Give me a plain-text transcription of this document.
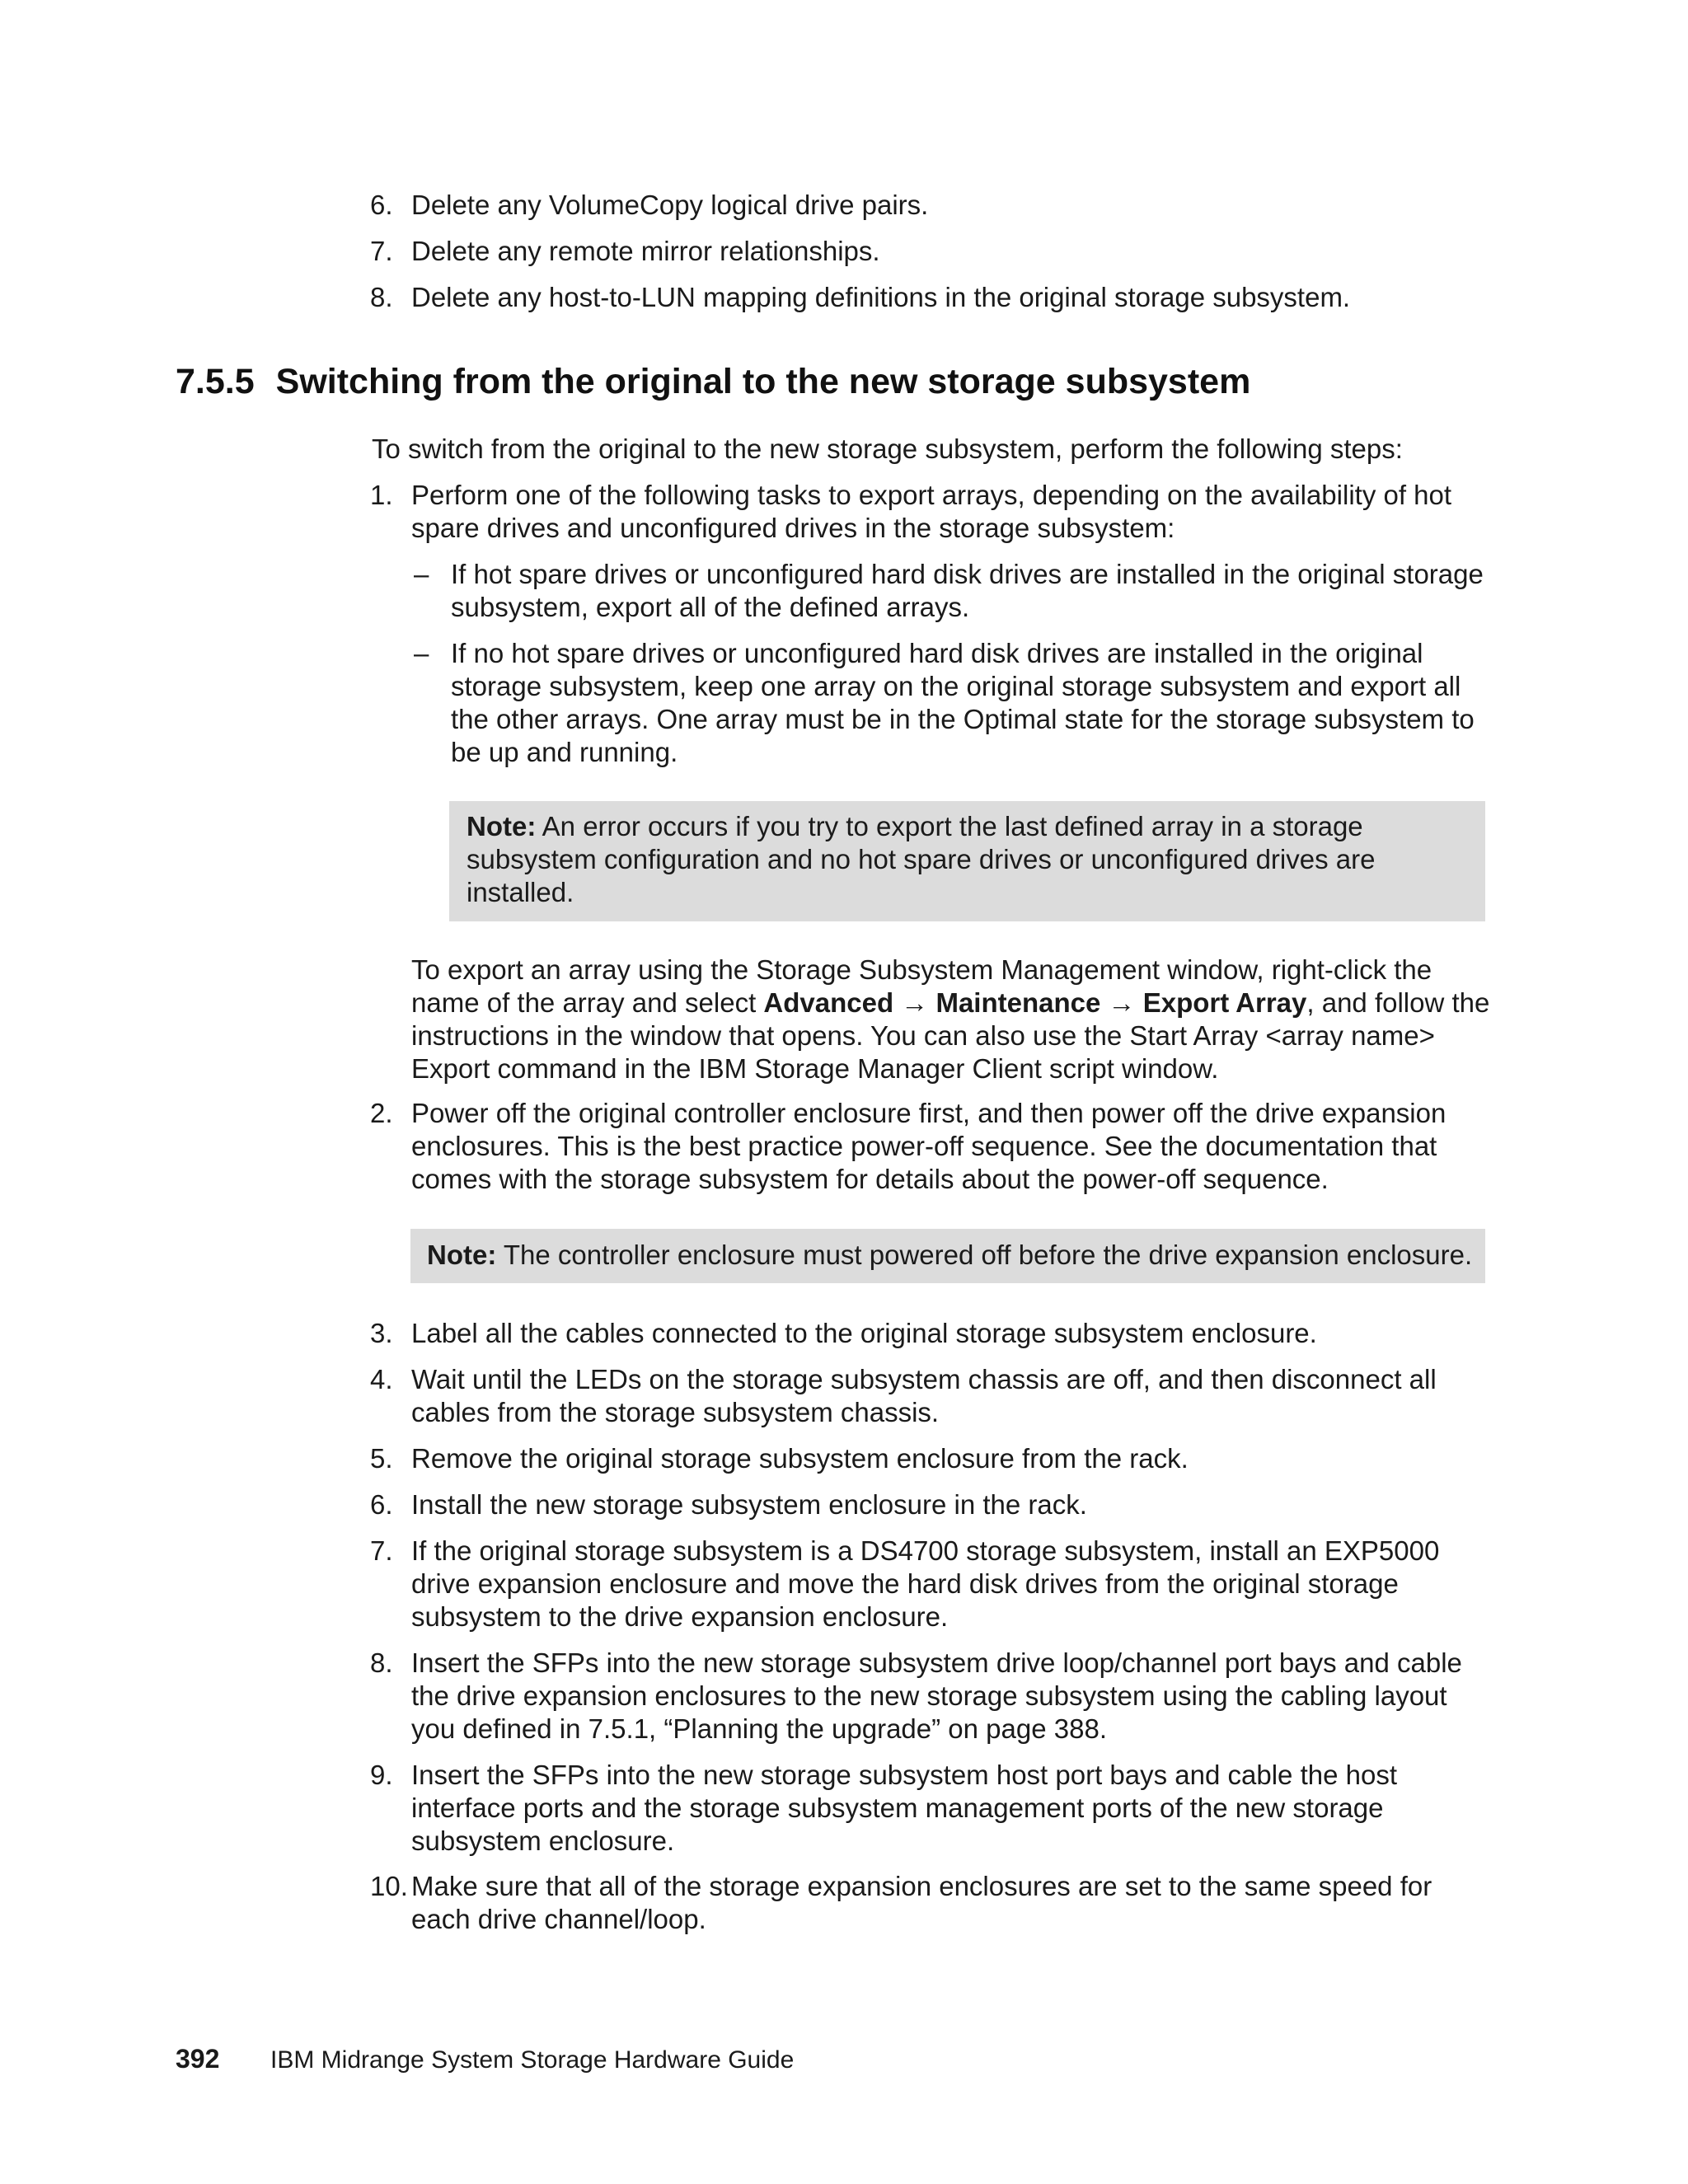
6. Delete any VolumeCopy logical drive pairs.
7. Delete any remote mirror relationships.
8. Delete any host-to-LUN mapping definitions in the original storage subsystem.
7.5.5 Switching from the original to the new storage subsystem
To switch from the original to the new storage subsystem, perform the following steps:
1. Perform one of the following tasks to export arrays, depending on the availability of hot spare drives and unconfigured drives in the storage subsystem:
– If hot spare drives or unconfigured hard disk drives are installed in the original storage subsystem, export all of the defined arrays.
– If no hot spare drives or unconfigured hard disk drives are installed in the original storage subsystem, keep one array on the original storage subsystem and export all the other arrays. One array must be in the Optimal state for the storage subsystem to be up and running.
Note: An error occurs if you try to export the last defined array in a storage subsystem configuration and no hot spare drives or unconfigured drives are installed.
To export an array using the Storage Subsystem Management window, right-click the name of the array and select Advanced → Maintenance → Export Array, and follow the instructions in the window that opens. You can also use the Start Array <array name> Export command in the IBM Storage Manager Client script window.
2. Power off the original controller enclosure first, and then power off the drive expansion enclosures. This is the best practice power-off sequence. See the documentation that comes with the storage subsystem for details about the power-off sequence.
Note: The controller enclosure must powered off before the drive expansion enclosure.
3. Label all the cables connected to the original storage subsystem enclosure.
4. Wait until the LEDs on the storage subsystem chassis are off, and then disconnect all cables from the storage subsystem chassis.
5. Remove the original storage subsystem enclosure from the rack.
6. Install the new storage subsystem enclosure in the rack.
7. If the original storage subsystem is a DS4700 storage subsystem, install an EXP5000 drive expansion enclosure and move the hard disk drives from the original storage subsystem to the drive expansion enclosure.
8. Insert the SFPs into the new storage subsystem drive loop/channel port bays and cable the drive expansion enclosures to the new storage subsystem using the cabling layout you defined in 7.5.1, “Planning the upgrade” on page 388.
9. Insert the SFPs into the new storage subsystem host port bays and cable the host interface ports and the storage subsystem management ports of the new storage subsystem enclosure.
10. Make sure that all of the storage expansion enclosures are set to the same speed for each drive channel/loop.
392 IBM Midrange System Storage Hardware Guide
